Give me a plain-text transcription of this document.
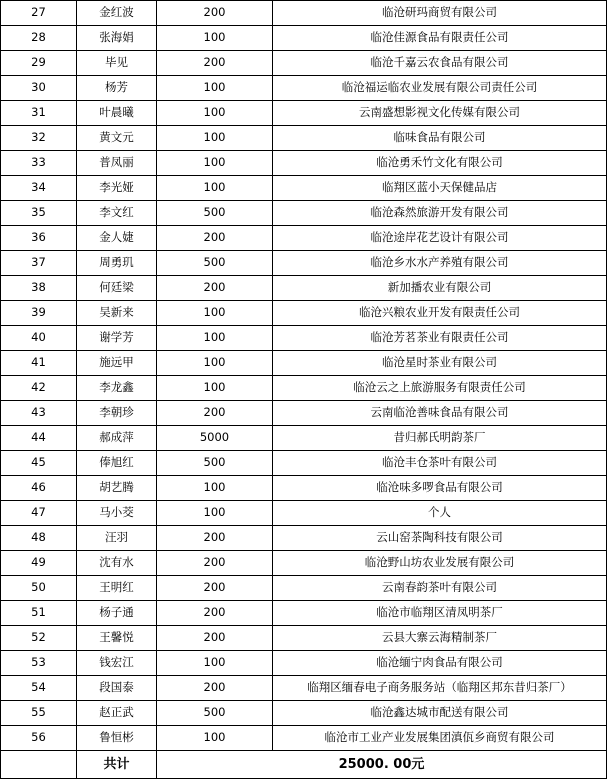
27	金红波	200	临沧研玛商贸有限公司
28	张海娟	100	临沧佳源食品有限责任公司
29	毕见	200	临沧千嘉云农食品有限公司
30	杨芳	100	临沧福运临农业发展有限公司责任公司
31	叶晨曦	100	云南盛想影视文化传媒有限公司
32	黄文元	100	临味食品有限公司
33	普凤丽	100	临沧勇禾竹文化有限公司
34	李光娅	100	临翔区蓝小天保健品店
35	李文红	500	临沧森然旅游开发有限公司
36	金人婕	200	临沧途岸花艺设计有限公司
37	周勇玑	500	临沧乡水水产养殖有限公司
38	何廷梁	200	新加播农业有限公司
39	吴新来	100	临沧兴粮农业开发有限责任公司
40	谢学芳	100	临沧芳茗茶业有限责任公司
41	施远甲	100	临沧星时茶业有限公司
42	李龙鑫	100	临沧云之上旅游服务有限责任公司
43	李朝珍	200	云南临沧善味食品有限公司
44	郝成萍	5000	昔归郝氏明韵茶厂
45	俸旭红	500	临沧丰仓茶叶有限公司
46	胡艺腾	100	临沧味多啰食品有限公司
47	马小茭	100	个人
48	汪羽	200	云山窑茶陶科技有限公司
49	沈有水	200	临沧野山坊农业发展有限公司
50	王明红	200	云南春韵茶叶有限公司
51	杨子通	200	临沧市临翔区清凤明茶厂
52	王馨悦	200	云县大寨云海精制茶厂
53	钱宏江	100	临沧缅宁肉食品有限公司
54	段国泰	200	临翔区缅春电子商务服务站（临翔区邦东昔归茶厂）
55	赵正武	500	临沧鑫达城市配送有限公司
56	鲁恒彬	100	临沧市工业产业发展集团滇佤乡商贸有限公司
	共计	25000. 00元	
